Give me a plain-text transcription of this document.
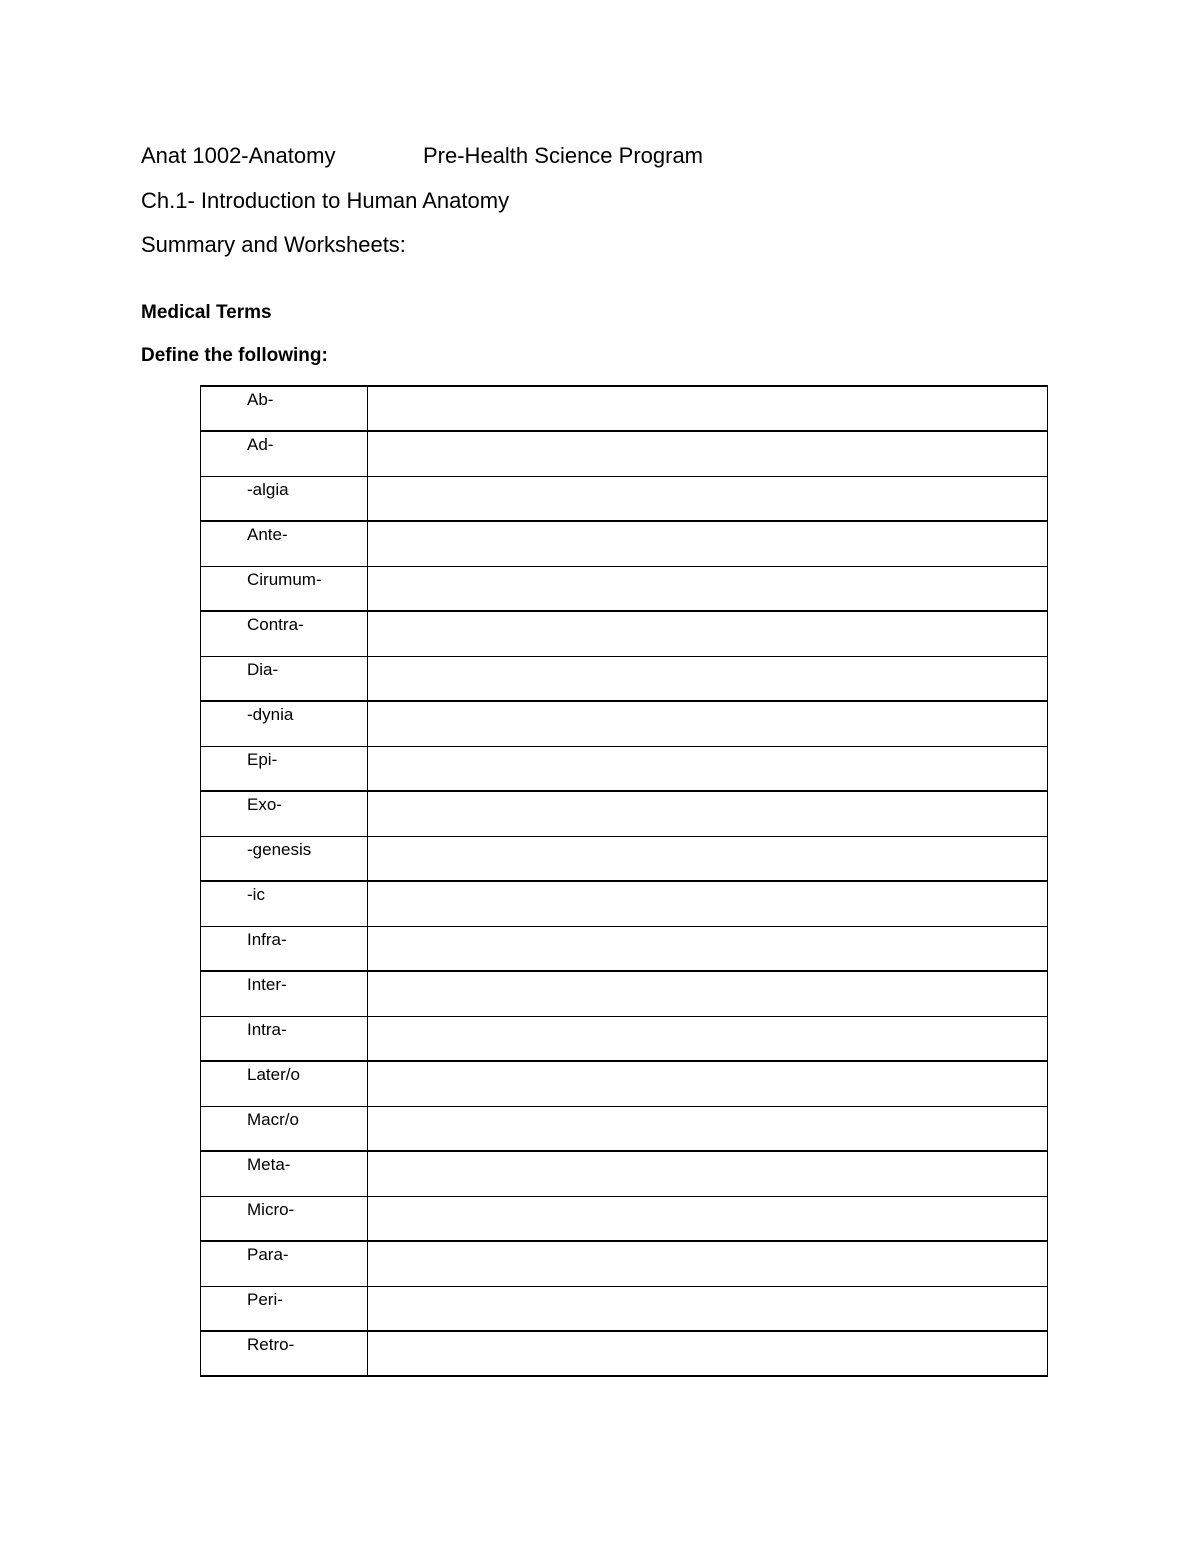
Anat 1002-Anatomy	Pre-Health Science Program
Ch.1- Introduction to Human Anatomy
Summary and Worksheets:
Medical Terms
Define the following:
Ab-	
Ad-	
-algia	
Ante-	
Cirumum-	
Contra-	
Dia-	
-dynia	
Epi-	
Exo-	
-genesis	
-ic	
Infra-	
Inter-	
Intra-	
Later/o	
Macr/o	
Meta-	
Micro-	
Para-	
Peri-	
Retro-	
